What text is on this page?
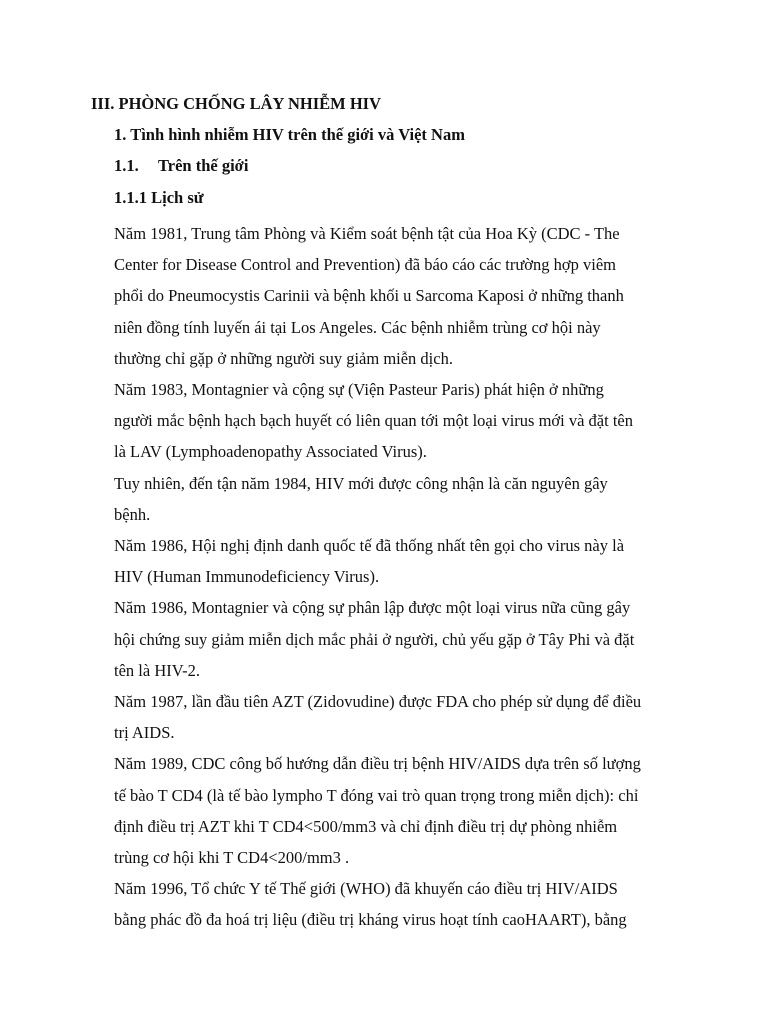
III. PHÒNG CHỐNG LÂY NHIỄM HIV
1. Tình hình nhiễm HIV trên thế giới và Việt Nam
1.1. Trên thế giới
1.1.1 Lịch sử

Năm 1981, Trung tâm Phòng và Kiểm soát bệnh tật của Hoa Kỳ (CDC - The
Center for Disease Control and Prevention) đã báo cáo các trường hợp viêm
phổi do Pneumocystis Carinii và bệnh khối u Sarcoma Kaposi ở những thanh
niên đồng tính luyến ái tại Los Angeles. Các bệnh nhiễm trùng cơ hội này
thường chỉ gặp ở những người suy giảm miễn dịch.

Năm 1983, Montagnier và cộng sự (Viện Pasteur Paris) phát hiện ở những
người mắc bệnh hạch bạch huyết có liên quan tới một loại virus mới và đặt tên
là LAV (Lymphoadenopathy Associated Virus).

Tuy nhiên, đến tận năm 1984, HIV mới được công nhận là căn nguyên gây
bệnh.

Năm 1986, Hội nghị định danh quốc tế đã thống nhất tên gọi cho virus này là
HIV (Human Immunodeficiency Virus).

Năm 1986, Montagnier và cộng sự phân lập được một loại virus nữa cũng gây
hội chứng suy giảm miễn dịch mắc phải ở người, chủ yếu gặp ở Tây Phi và đặt
tên là HIV-2.

Năm 1987, lần đầu tiên AZT (Zidovudine) được FDA cho phép sử dụng để điều
trị AIDS.

Năm 1989, CDC công bố hướng dẫn điều trị bệnh HIV/AIDS dựa trên số lượng
tế bào T CD4 (là tế bào lympho T đóng vai trò quan trọng trong miễn dịch): chỉ
định điều trị AZT khi T CD4<500/mm3 và chỉ định điều trị dự phòng nhiễm
trùng cơ hội khi T CD4<200/mm3 .

Năm 1996, Tổ chức Y tế Thế giới (WHO) đã khuyến cáo điều trị HIV/AIDS
bằng phác đồ đa hoá trị liệu (điều trị kháng virus hoạt tính caoHAART), bằng
